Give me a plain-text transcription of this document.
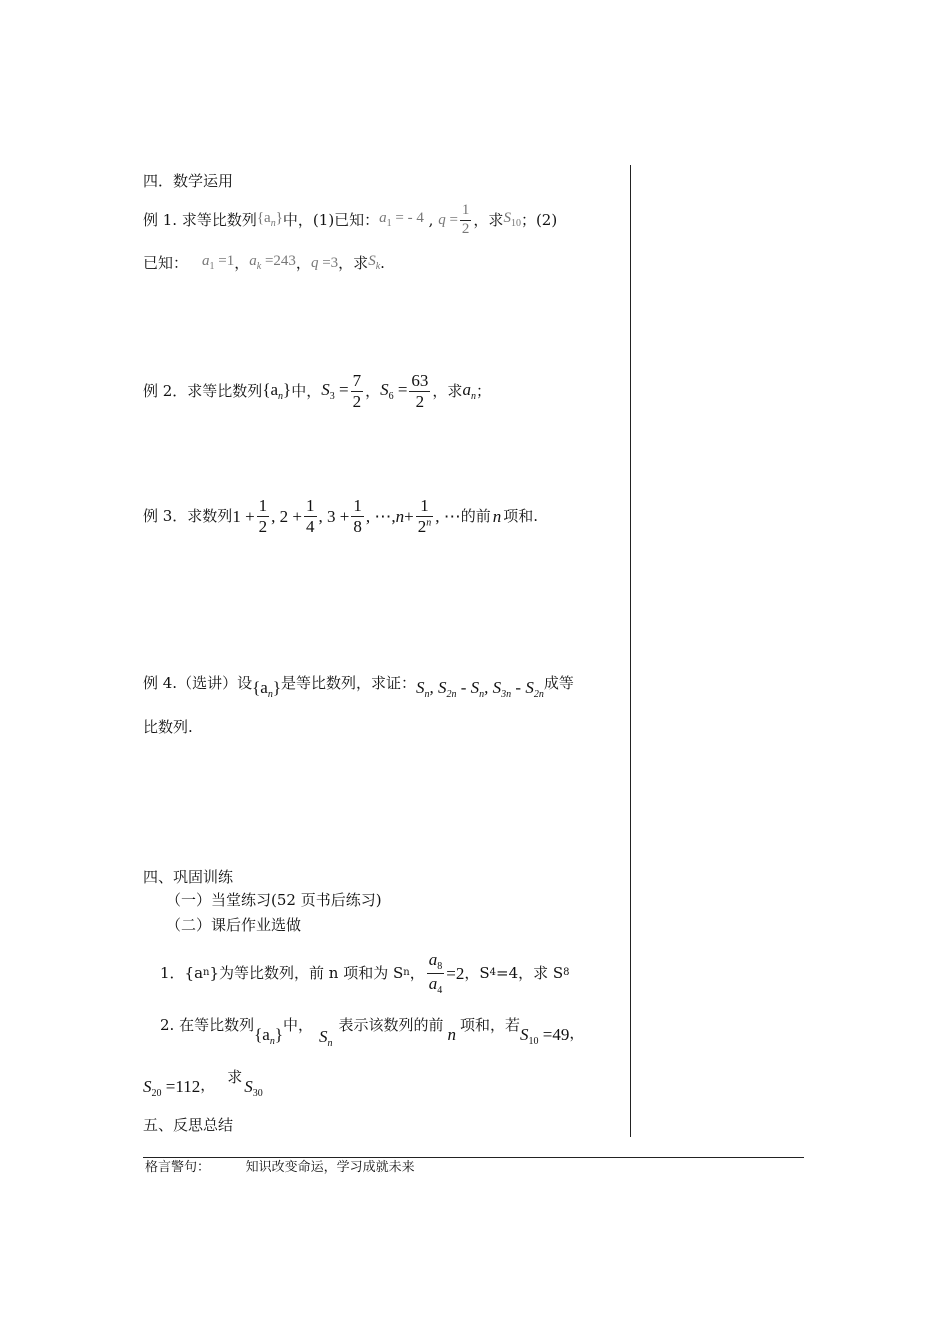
四．数学运用
例 1. 求等比数列 $\{a_n\}$ 中，(1)已知： $a_1$ = - 4 , $q = \frac{1}{2}$ ，求 $S_{10}$ ；(2)
已知： $a_1 =1$ ， $a_k =243$ ， q =3 ， 求 $S_k$ .
例 2．求等比数列 $\{a_n\}$ 中， $S_3 = \frac{7}{2}$ ， $S_6 = \frac{63}{2}$ ，求 $a_n$ ；
例 3．求数列 $1 + \frac{1}{2}$ , $2 + \frac{1}{4}$ , $3 + \frac{1}{8}$ , ⋯, $n + \frac{1}{2^n}$ , ⋯ 的前 n 项和.
例 4.（选讲）设 $\{a_n\}$ 是等比数列，求证： $S_n$, $S_{2n} - S_n$, $S_{3n} - S_{2n}$
成等
比数列.
四、巩固训练
（一）当堂练习(52 页书后练习)
（二）课后作业选做
1．{a n }为等比数列，前 n 项和为 S n ， $\frac{a_8}{a_4} =2$ ，S 4 =4，求 S 8
2. 在等比数列 $\{a_n\}$ 中，
$S_n$
表示该数列的前 n 项和，若 $S_{10} =49$ ，
$S_{20} =112$ ， 求 $S_{30}$
五、反思总结
格言警句：	知识改变命运，学习成就未来
